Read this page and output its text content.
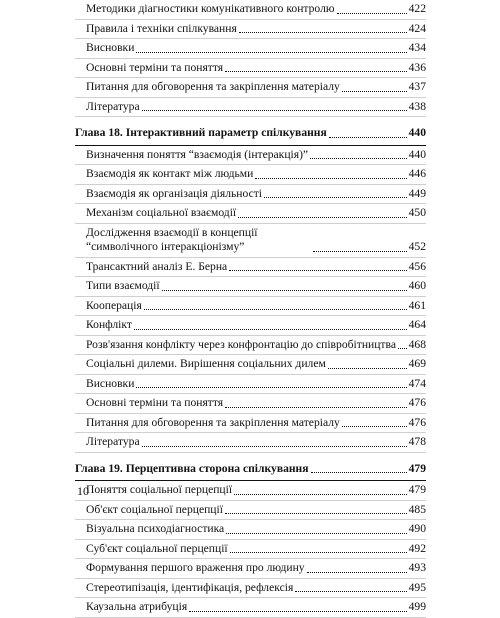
Методики діагностики комунікативного контролю	422
Правила і техніки спілкування	424
Висновки	434
Основні терміни та поняття	436
Питання для обговорення та закріплення матеріалу	437
Література	438
Глава 18. Інтерактивний параметр спілкування	440
Визначення поняття “взаємодія (інтеракція)”	440
Взаємодія як контакт між людьми	446
Взаємодія як організація діяльності	449
Механізм соціальної взаємодії	450
Дослідження взаємодії в концепції “символічного інтеракціонізму”	452
Трансактний аналіз Е. Берна	456
Типи взаємодії	460
Кооперація	461
Конфлікт	464
Розв'язання конфлікту через конфронтацію до співробітництва 468
Соціальні дилеми. Вирішення соціальних дилем	469
Висновки	474
Основні терміни та поняття	476
Питання для обговорення та закріплення матеріалу	476
Література	478
Глава 19. Перцептивна сторона спілкування	479
Поняття соціальної перцепції	479
Об'єкт соціальної перцепції	485
Візуальна психодіагностика	490
Суб'єкт соціальної перцепції	492
Формування першого враження про людину	493
Стереотипізація, ідентифікація, рефлексія	495
Каузальна атрибуція	499
10
